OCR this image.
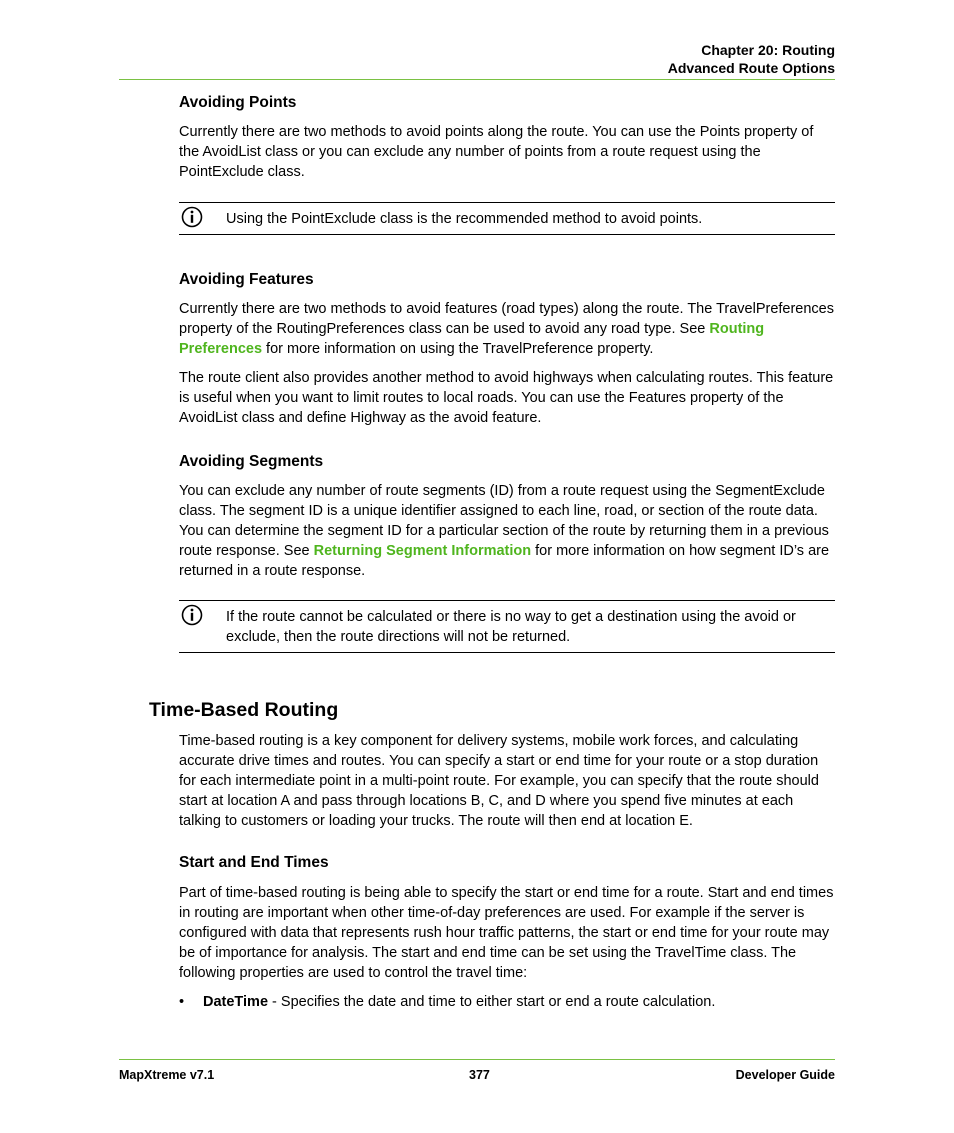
Chapter 20: Routing
Advanced Route Options
Avoiding Points
Currently there are two methods to avoid points along the route. You can use the Points property of the AvoidList class or you can exclude any number of points from a route request using the PointExclude class.
Using the PointExclude class is the recommended method to avoid points.
Avoiding Features
Currently there are two methods to avoid features (road types) along the route. The TravelPreferences property of the RoutingPreferences class can be used to avoid any road type. See Routing Preferences for more information on using the TravelPreference property.
The route client also provides another method to avoid highways when calculating routes. This feature is useful when you want to limit routes to local roads. You can use the Features property of the AvoidList class and define Highway as the avoid feature.
Avoiding Segments
You can exclude any number of route segments (ID) from a route request using the SegmentExclude class. The segment ID is a unique identifier assigned to each line, road, or section of the route data. You can determine the segment ID for a particular section of the route by returning them in a previous route response. See Returning Segment Information for more information on how segment ID’s are returned in a route response.
If the route cannot be calculated or there is no way to get a destination using the avoid or exclude, then the route directions will not be returned.
Time-Based Routing
Time-based routing is a key component for delivery systems, mobile work forces, and calculating accurate drive times and routes. You can specify a start or end time for your route or a stop duration for each intermediate point in a multi-point route. For example, you can specify that the route should start at location A and pass through locations B, C, and D where you spend five minutes at each talking to customers or loading your trucks. The route will then end at location E.
Start and End Times
Part of time-based routing is being able to specify the start or end time for a route. Start and end times in routing are important when other time-of-day preferences are used. For example if the server is configured with data that represents rush hour traffic patterns, the start or end time for your route may be of importance for analysis. The start and end time can be set using the TravelTime class. The following properties are used to control the travel time:
• DateTime - Specifies the date and time to either start or end a route calculation.
MapXtreme v7.1	377	Developer Guide
